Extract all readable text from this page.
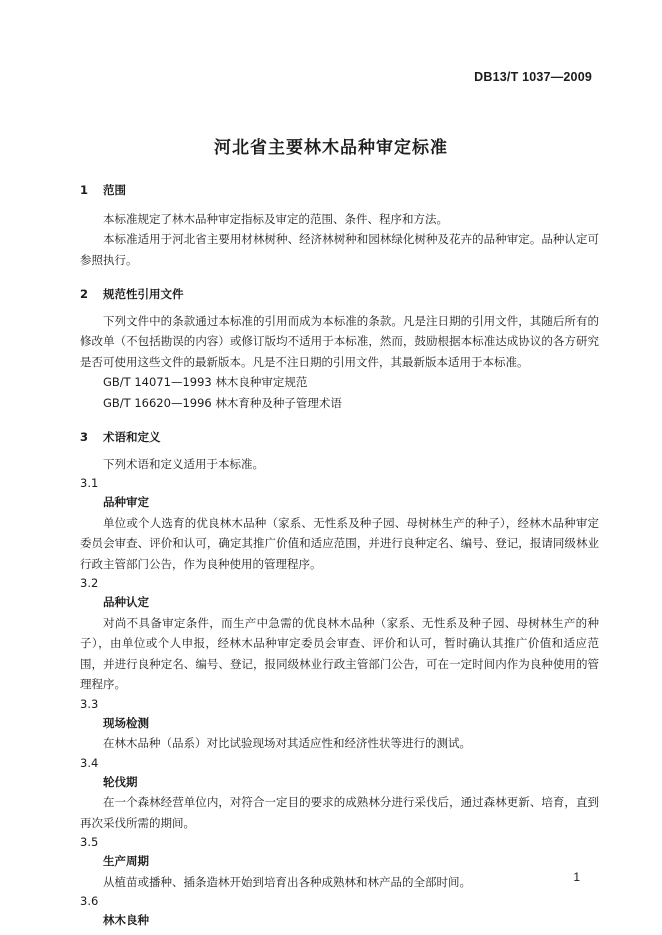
DB13/T 1037—2009
河北省主要林木品种审定标准
1 范围

本标准规定了林木品种审定指标及审定的范围、条件、程序和方法。

本标准适用于河北省主要用材林树种、经济林树种和园林绿化树种及花卉的品种审定。品种认定可参照执行。

2 规范性引用文件

下列文件中的条款通过本标准的引用而成为本标准的条款。凡是注日期的引用文件，其随后所有的修改单（不包括勘误的内容）或修订版均不适用于本标准，然而，鼓励根据本标准达成协议的各方研究是否可使用这些文件的最新版本。凡是不注日期的引用文件，其最新版本适用于本标准。

GB/T 14071—1993 林木良种审定规范
GB/T 16620—1996 林木育种及种子管理术语
3 术语和定义

下列术语和定义适用于本标准。

3.1
品种审定

单位或个人选育的优良林木品种（家系、无性系及种子园、母树林生产的种子），经林木品种审定委员会审查、评价和认可，确定其推广价值和适应范围，并进行良种定名、编号、登记，报请同级林业行政主管部门公告，作为良种使用的管理程序。

3.2
品种认定

对尚不具备审定条件，而生产中急需的优良林木品种（家系、无性系及种子园、母树林生产的种子），由单位或个人申报，经林木品种审定委员会审查、评价和认可，暂时确认其推广价值和适应范围，并进行良种定名、编号、登记，报同级林业行政主管部门公告，可在一定时间内作为良种使用的管理程序。

3.3
现场检测

在林木品种（品系）对比试验现场对其适应性和经济性状等进行的测试。

3.4
轮伐期

在一个森林经营单位内，对符合一定目的要求的成熟林分进行采伐后，通过森林更新、培育，直到再次采伐所需的期间。

3.5
生产周期

从植苗或播种、插条造林开始到培育出各种成熟林和林产品的全部时间。

3.6
林木良种
1
